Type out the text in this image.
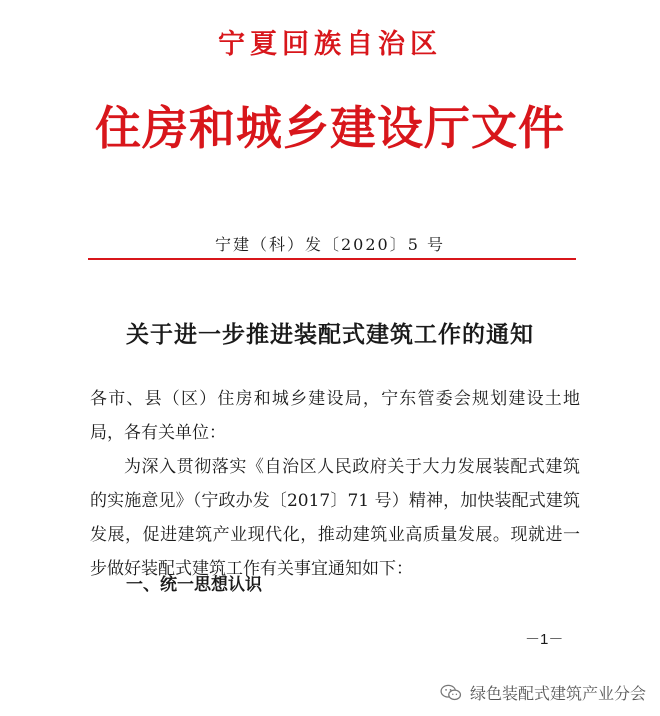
宁夏回族自治区
住房和城乡建设厅文件
宁建（科）发〔2020〕5 号
关于进一步推进装配式建筑工作的通知

各市、县（区）住房和城乡建设局，宁东管委会规划建设土地局，各有关单位：

为深入贯彻落实《自治区人民政府关于大力发展装配式建筑的实施意见》（宁政办发〔2017〕71 号）精神，加快装配式建筑发展，促进建筑产业现代化，推动建筑业高质量发展。现就进一步做好装配式建筑工作有关事宜通知如下：

一、统一思想认识
－1－
绿色装配式建筑产业分会
